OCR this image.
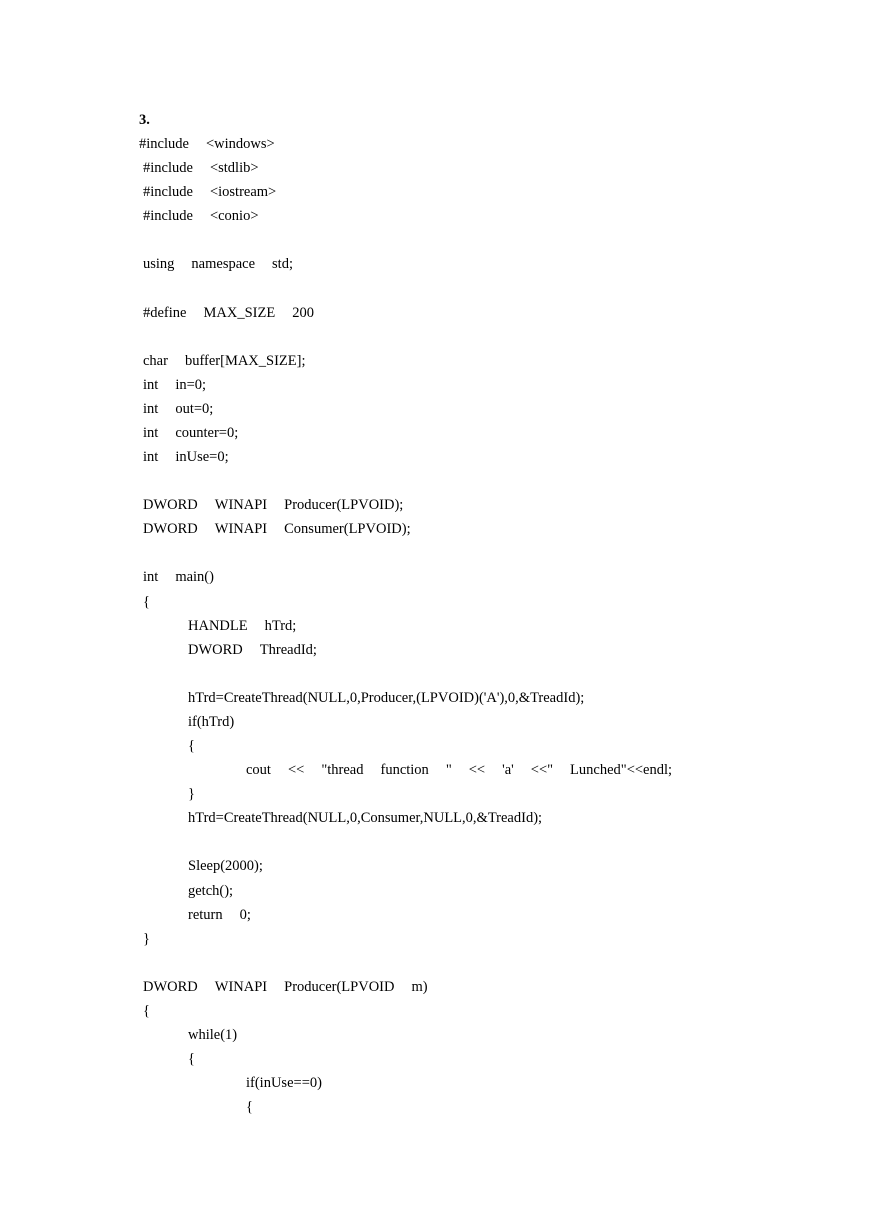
3.
#include <windows>
#include <stdlib>
#include <iostream>
#include <conio>
using namespace std;
#define MAX_SIZE 200
char buffer[MAX_SIZE];
int in=0;
int out=0;
int counter=0;
int inUse=0;
DWORD WINAPI Producer(LPVOID);
DWORD WINAPI Consumer(LPVOID);
int main()
{
HANDLE hTrd;
DWORD ThreadId;
hTrd=CreateThread(NULL,0,Producer,(LPVOID)('A'),0,&TreadId);
if(hTrd)
{
cout << "thread function " << 'a' <<" Lunched"<<endl;
}
hTrd=CreateThread(NULL,0,Consumer,NULL,0,&TreadId);
Sleep(2000);
getch();
return 0;
}
DWORD WINAPI Producer(LPVOID m)
{
while(1)
{
if(inUse==0)
{
